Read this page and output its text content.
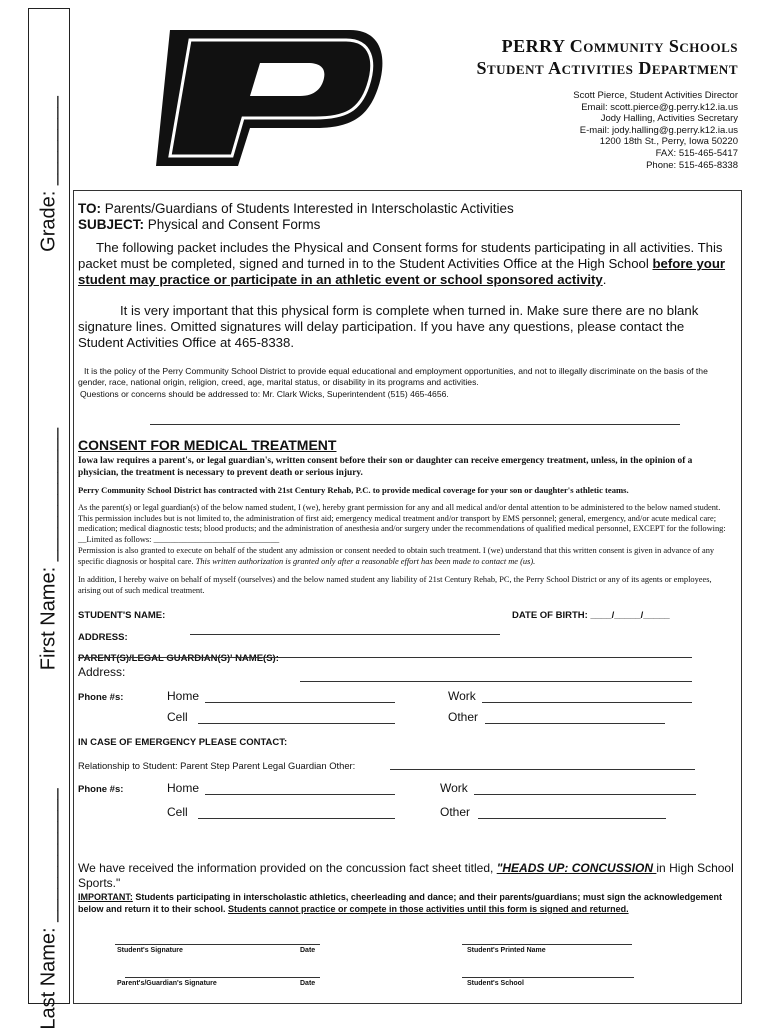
Last Name: ____________
First Name: ____________
Grade: ________
PERRY Community Schools
Student Activities Department
Scott Pierce, Student Activities Director
Email: scott.pierce@g.perry.k12.ia.us
Jody Halling, Activities Secretary
E-mail: jody.halling@g.perry.k12.ia.us
1200 18th St., Perry, Iowa 50220
FAX: 515-465-5417
Phone: 515-465-8338
TO: Parents/Guardians of Students Interested in Interscholastic Activities
SUBJECT: Physical and Consent Forms
The following packet includes the Physical and Consent forms for students participating in all activities. This packet must be completed, signed and turned in to the Student Activities Office at the High School before your student may practice or participate in an athletic event or school sponsored activity.
It is very important that this physical form is complete when turned in. Make sure there are no blank signature lines. Omitted signatures will delay participation. If you have any questions, please contact the Student Activities Office at 465-8338.
It is the policy of the Perry Community School District to provide equal educational and employment opportunities, and not to illegally discriminate on the basis of the gender, race, national origin, religion, creed, age, marital status, or disability in its programs and activities.
Questions or concerns should be addressed to: Mr. Clark Wicks, Superintendent (515) 465-4656.
CONSENT FOR MEDICAL TREATMENT
Iowa law requires a parent's, or legal guardian's, written consent before their son or daughter can receive emergency treatment, unless, in the opinion of a physician, the treatment is necessary to prevent death or serious injury.
Perry Community School District has contracted with 21st Century Rehab, P.C. to provide medical coverage for your son or daughter's athletic teams.
As the parent(s) or legal guardian(s) of the below named student, I (we), hereby grant permission for any and all medical and/or dental attention to be administered to the below named student. This permission includes but is not limited to, the administration of first aid; emergency medical treatment and/or transport by EMS personnel; general, emergency, and/or acute medical care; medication; medical diagnostic tests; blood products; and the administration of anesthesia and/or surgery under the recommendations of qualified medical personnel, EXCEPT for the following: __Limited as follows: ______________________________
Permission is also granted to execute on behalf of the student any admission or consent needed to obtain such treatment. I (we) understand that this written consent is given in advance of any specific diagnosis or hospital care. This written authorization is granted only after a reasonable effort has been made to contact me (us).
In addition, I hereby waive on behalf of myself (ourselves) and the below named student any liability of 21st Century Rehab, PC, the Perry School District or any of its agents or employees, arising out of such medical treatment.
STUDENT'S NAME:	DATE OF BIRTH: ____/_____/_____
ADDRESS:
PARENT(S)/LEGAL GUARDIAN(S)' NAME(S):
Address:
Phone #s:	Home	Work
Cell	Other
IN CASE OF EMERGENCY PLEASE CONTACT:
Relationship to Student: Parent Step Parent Legal Guardian Other:
Phone #s:	Home	Work
Cell	Other
We have received the information provided on the concussion fact sheet titled, "HEADS UP: CONCUSSION in High School Sports."
IMPORTANT: Students participating in interscholastic athletics, cheerleading and dance; and their parents/guardians; must sign the acknowledgement below and return it to their school. Students cannot practice or compete in those activities until this form is signed and returned.
Student's Signature	Date	Student's Printed Name
Parent's/Guardian's Signature	Date	Student's School
